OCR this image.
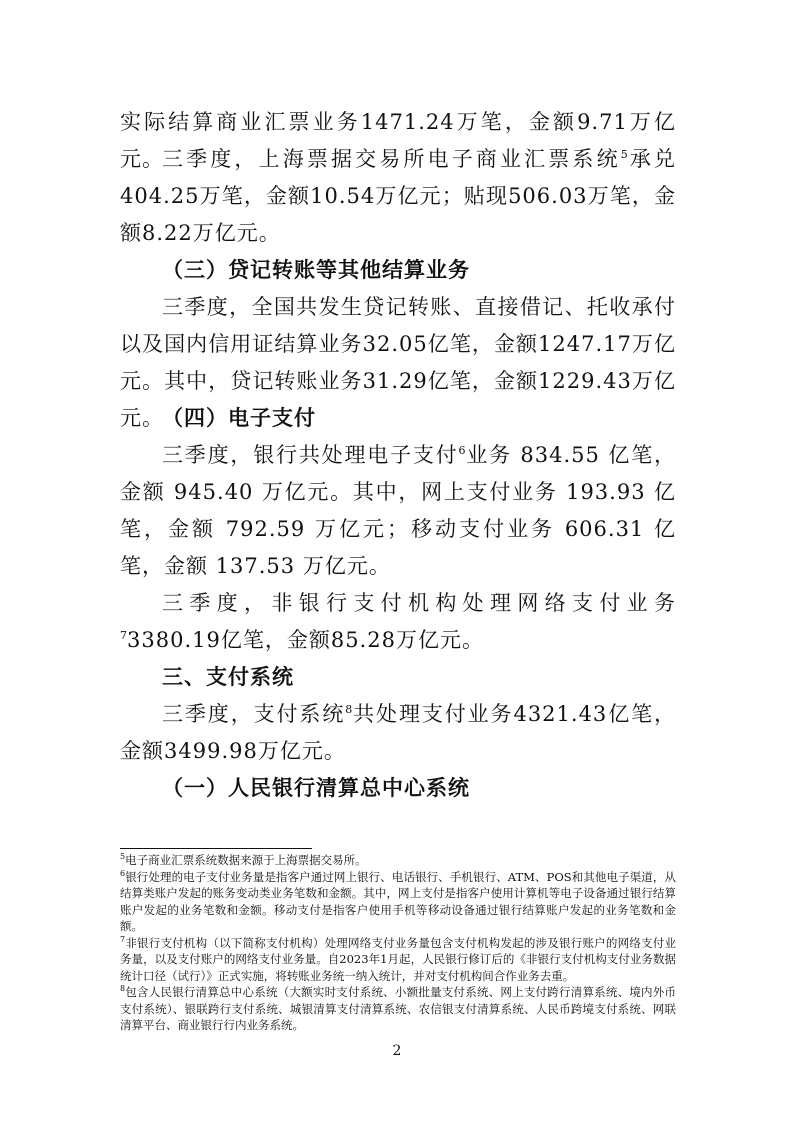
实际结算商业汇票业务1471.24万笔，金额9.71万亿元。

三季度，上海票据交易所电子商业汇票系统$^5$承兑404.25万笔，金额10.54万亿元；贴现506.03万笔，金额8.22万亿元。

（三）贷记转账等其他结算业务

三季度，全国共发生贷记转账、直接借记、托收承付以及国内信用证结算业务32.05亿笔，金额1247.17万亿元。其中，贷记转账业务31.29亿笔，金额1229.43万亿元。

（四）电子支付

三季度，银行共处理电子支付$^6$业务 834.55 亿笔，金额 945.40 万亿元。其中，网上支付业务 193.93 亿笔，金额 792.59 万亿元；移动支付业务 606.31 亿笔，金额 137.53 万亿元。

三季度，非银行支付机构处理网络支付业务$^7$3380.19亿笔，金额85.28万亿元。

三、支付系统

三季度，支付系统$^8$共处理支付业务4321.43亿笔，金额3499.98万亿元。

（一）人民银行清算总中心系统

$^5$电子商业汇票系统数据来源于上海票据交易所。

$^6$银行处理的电子支付业务量是指客户通过网上银行、电话银行、手机银行、ATM、POS和其他电子渠道，从结算类账户发起的账务变动类业务笔数和金额。其中，网上支付是指客户使用计算机等电子设备通过银行结算账户发起的业务笔数和金额。移动支付是指客户使用手机等移动设备通过银行结算账户发起的业务笔数和金额。

$^7$非银行支付机构（以下简称支付机构）处理网络支付业务量包含支付机构发起的涉及银行账户的网络支付业务量，以及支付账户的网络支付业务量。自2023年1月起，人民银行修订后的《非银行支付机构支付业务数据统计口径（试行）》正式实施，将转账业务统一纳入统计，并对支付机构间合作业务去重。

$^8$包含人民银行清算总中心系统（大额实时支付系统、小额批量支付系统、网上支付跨行清算系统、境内外币支付系统）、银联跨行支付系统、城银清算支付清算系统、农信银支付清算系统、人民币跨境支付系统、网联清算平台、商业银行行内业务系统。

2
